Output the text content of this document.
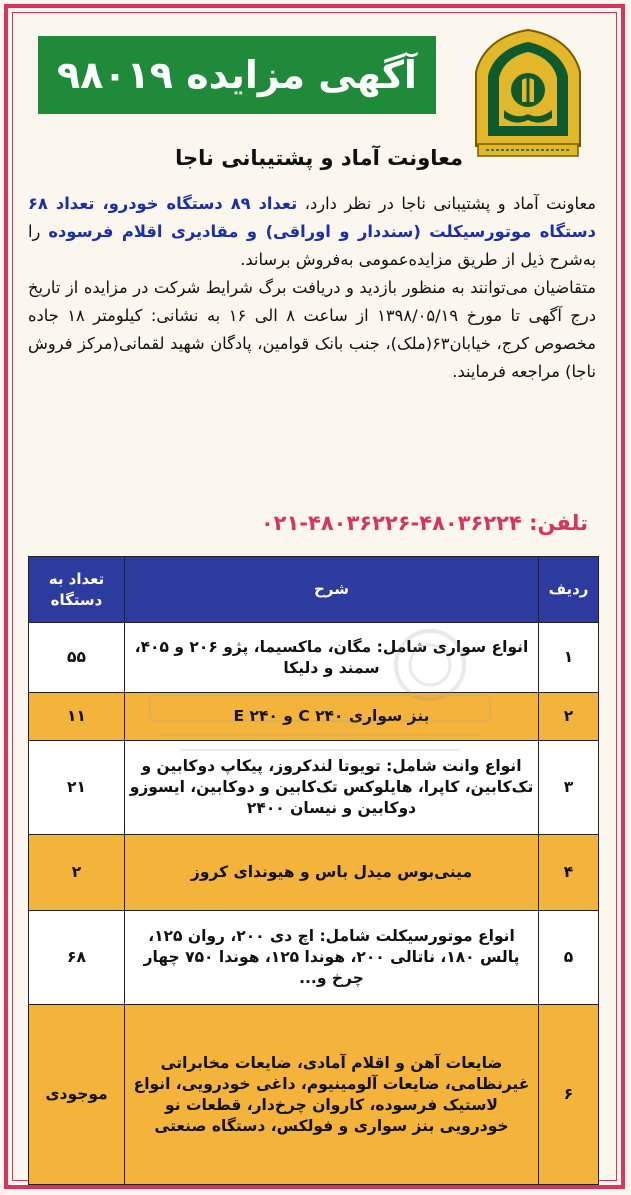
آگهی مزایده ۹۸۰۱۹
معاونت آماد و پشتیبانی ناجا
معاونت آماد و پشتیبانی ناجا در نظر دارد، تعداد ۸۹ دستگاه خودرو، تعداد ۶۸ دستگاه موتورسیکلت (سنددار و اوراقی) و مقادیری اقلام فرسوده را به‌شرح ذیل از طریق مزایده‌عمومی به‌فروش برساند.
متقاضیان می‌توانند به منظور بازدید و دریافت برگ شرایط شرکت در مزایده از تاریخ درج آگهی تا مورخ ۱۳۹۸/۰۵/۱۹ از ساعت ۸ الی ۱۶ به نشانی: کیلومتر ۱۸ جاده مخصوص کرج، خیابان۶۳(ملک)، جنب بانک قوامین، پادگان شهید لقمانی(مرکز فروش ناجا) مراجعه فرمایند.
تلفن: ۴۸۰۳۶۲۲۴-۴۸۰۳۶۲۲۶-۰۲۱
ردیف	شرح	تعداد به دستگاه
۱	انواع سواری شامل: مگان، ماکسیما، پژو ۲۰۶ و ۴۰۵، سمند و دلیکا	۵۵
۲	بنز سواری C ۲۴۰ و E ۲۴۰	۱۱
۳	انواع وانت شامل: تویوتا لندکروز، پیکاپ دوکابین و تک‌کابین، کاپرا، هایلوکس تک‌کابین و دوکابین، ایسوزو دوکابین و نیسان ۲۴۰۰	۲۱
۴	مینی‌بوس میدل باس و هیوندای کروز	۲
۵	انواع موتورسیکلت شامل: اچ دی ۲۰۰، روان ۱۲۵، پالس ۱۸۰، ناتالی ۲۰۰، هوندا ۱۲۵، هوندا ۷۵۰ چهار چرخ و...	۶۸
۶	ضایعات آهن و اقلام آمادی، ضایعات مخابراتی غیرنظامی، ضایعات آلومینیوم، داغی خودرویی، انواع لاستیک فرسوده، کاروان چرخ‌دار، قطعات نو خودرویی بنز سواری و فولکس، دستگاه صنعتی	موجودی
